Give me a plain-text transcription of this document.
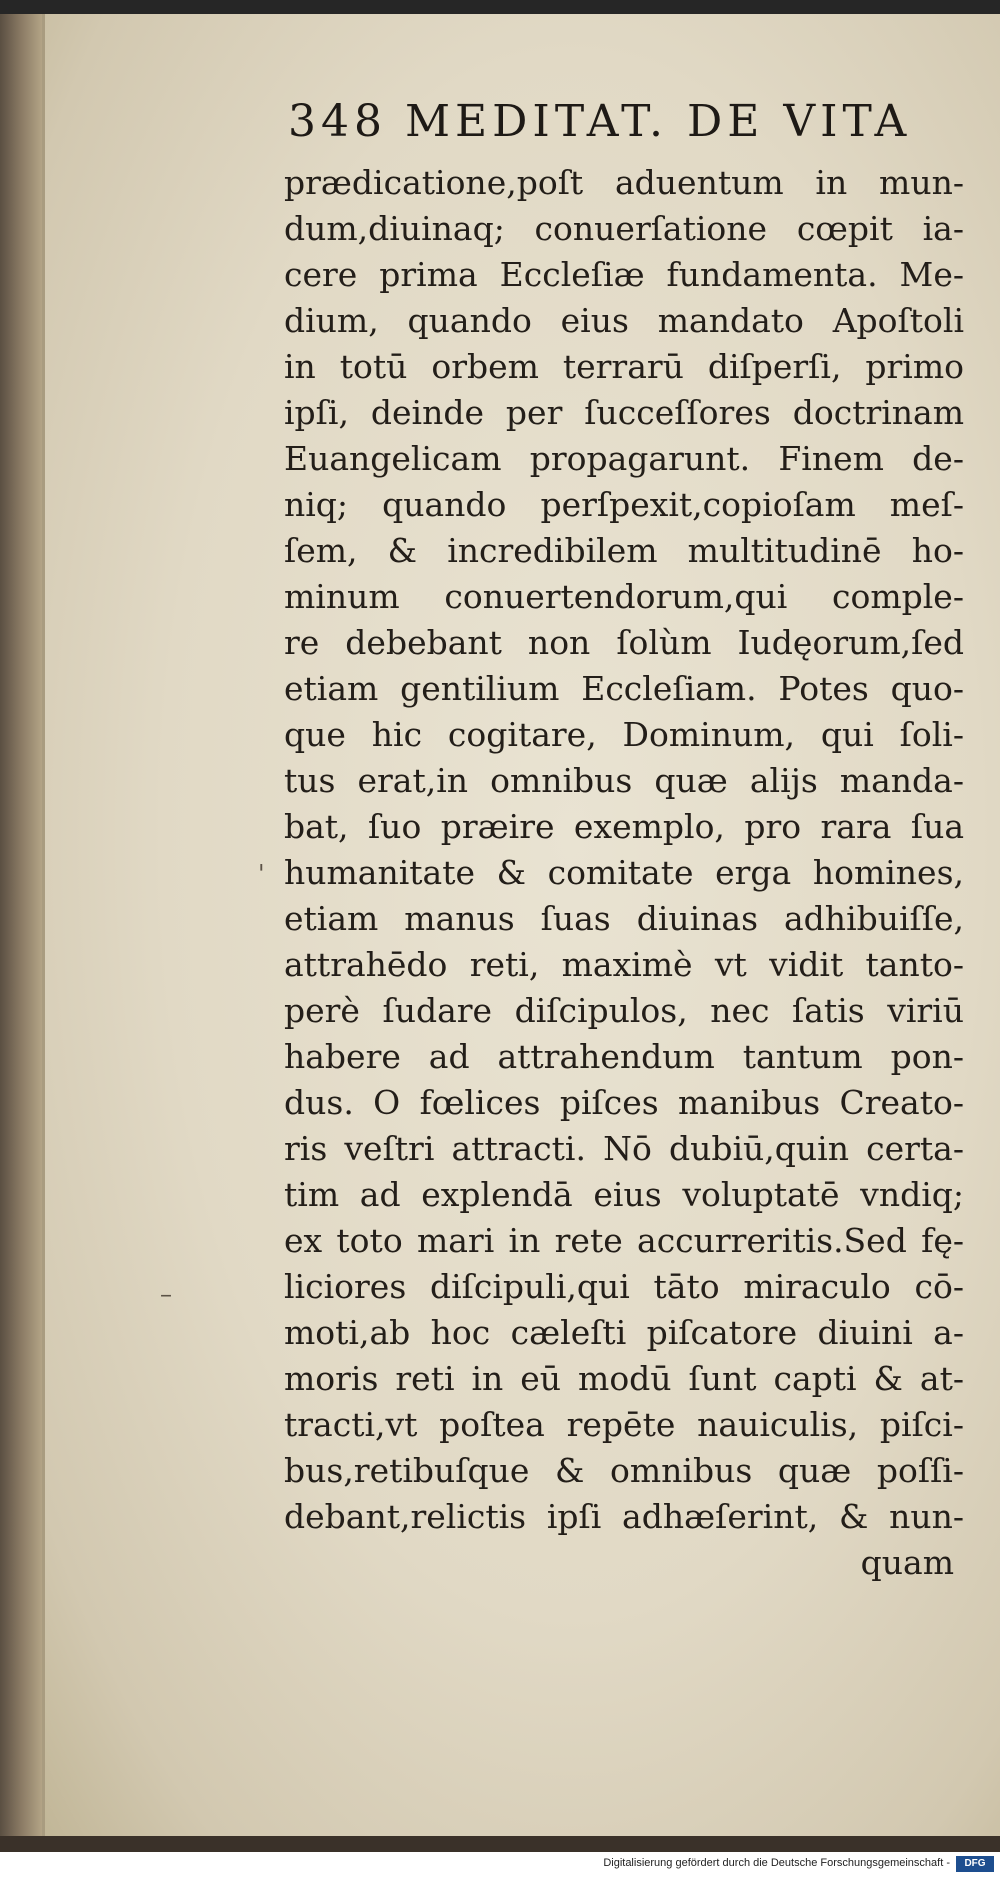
348 MEDITAT. DE VITA
'
–
prædicatione,poſt aduentum in mun-
dum,diuinaq; conuerſatione cœpit ia-
cere prima Eccleſiæ fundamenta. Me-
dium, quando eius mandato Apoſtoli
in totū orbem terrarū diſperſi, primo
ipſi, deinde per ſucceſſores doctrinam
Euangelicam propagarunt. Finem de-
niq; quando perſpexit,copioſam meſ-
ſem, & incredibilem multitudinē ho-
minum conuertendorum,qui comple-
re debebant non ſolùm Iudęorum,ſed
etiam gentilium Eccleſiam. Potes quo-
que hic cogitare, Dominum, qui ſoli-
tus erat,in omnibus quæ alijs manda-
bat, ſuo præire exemplo, pro rara ſua
humanitate & comitate erga homines,
etiam manus ſuas diuinas adhibuiſſe,
attrahēdo reti, maximè vt vidit tanto-
perè ſudare diſcipulos, nec ſatis viriū
habere ad attrahendum tantum pon-
dus. O fœlices piſces manibus Creato-
ris veſtri attracti. Nō dubiū,quin certa-
tim ad explendā eius voluptatē vndiq;
ex toto mari in rete accurreritis.Sed fę-
liciores diſcipuli,qui tāto miraculo cō-
moti,ab hoc cæleſti piſcatore diuini a-
moris reti in eū modū ſunt capti & at-
tracti,vt poſtea repēte nauiculis, piſci-
bus,retibuſque & omnibus quæ poſſi-
debant,relictis ipſi adhæſerint, & nun-
quam
Digitalisierung gefördert durch die Deutsche Forschungsgemeinschaft -	DFG
